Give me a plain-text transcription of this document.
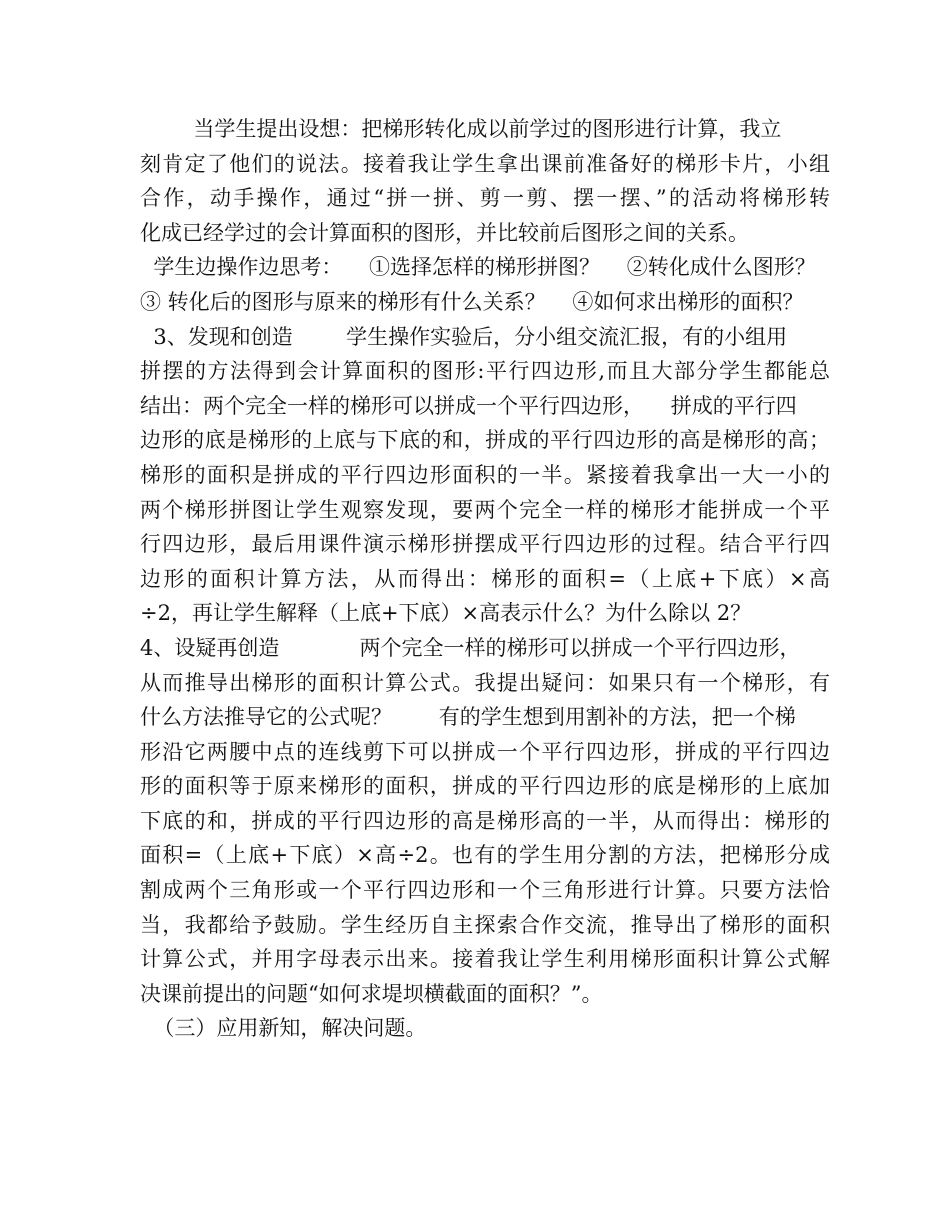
当学生提出设想：把梯形转化成以前学过的图形进行计算，我立
刻肯定了他们的说法。接着我让学生拿出课前准备好的梯形卡片，小组
合作，动手操作，通过“拼一拼、剪一剪、摆一摆、”的活动将梯形转
化成已经学过的会计算面积的图形，并比较前后图形之间的关系。
学生边操作边思考：    ①选择怎样的梯形拼图？    ②转化成什么图形？
③ 转化后的图形与原来的梯形有什么关系？    ④如何求出梯形的面积？
3、发现和创造        学生操作实验后，分小组交流汇报，有的小组用
拼摆的方法得到会计算面积的图形:平行四边形,而且大部分学生都能总
结出：两个完全一样的梯形可以拼成一个平行四边形，    拼成的平行四
边形的底是梯形的上底与下底的和，拼成的平行四边形的高是梯形的高；
梯形的面积是拼成的平行四边形面积的一半。紧接着我拿出一大一小的
两个梯形拼图让学生观察发现，要两个完全一样的梯形才能拼成一个平
行四边形，最后用课件演示梯形拼摆成平行四边形的过程。结合平行四
边形的面积计算方法，从而得出：梯形的面积=（上底+下底）×高
÷2，再让学生解释（上底+下底）×高表示什么？为什么除以 2？
4、设疑再创造            两个完全一样的梯形可以拼成一个平行四边形，
从而推导出梯形的面积计算公式。我提出疑问：如果只有一个梯形，有
什么方法推导它的公式呢？       有的学生想到用割补的方法，把一个梯
形沿它两腰中点的连线剪下可以拼成一个平行四边形，拼成的平行四边
形的面积等于原来梯形的面积，拼成的平行四边形的底是梯形的上底加
下底的和，拼成的平行四边形的高是梯形高的一半，从而得出：梯形的
面积=（上底+下底）×高÷2。也有的学生用分割的方法，把梯形分成
割成两个三角形或一个平行四边形和一个三角形进行计算。只要方法恰
当，我都给予鼓励。学生经历自主探索合作交流，推导出了梯形的面积
计算公式，并用字母表示出来。接着我让学生利用梯形面积计算公式解
决课前提出的问题“如何求堤坝横截面的面积？”。
（三）应用新知，解决问题。
